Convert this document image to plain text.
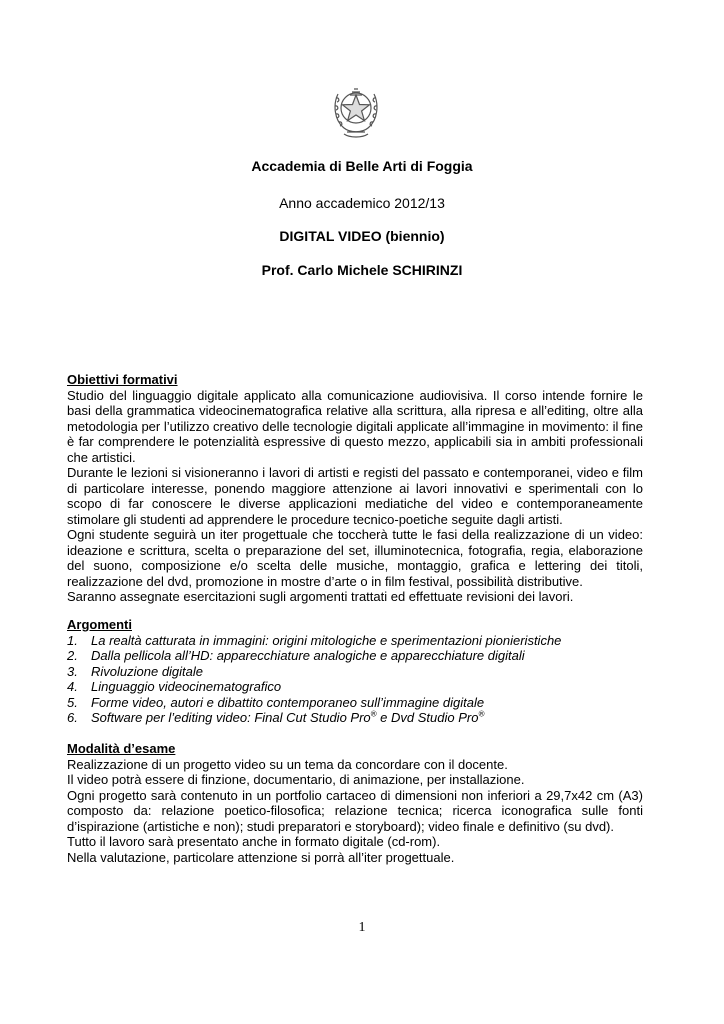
Accademia di Belle Arti di Foggia
Anno accademico 2012/13
DIGITAL VIDEO (biennio)
Prof. Carlo Michele SCHIRINZI
Obiettivi formativi

Studio del linguaggio digitale applicato alla comunicazione audiovisiva. Il corso intende fornire le basi della grammatica videocinematografica relative alla scrittura, alla ripresa e all’editing, oltre alla metodologia per l’utilizzo creativo delle tecnologie digitali applicate all’immagine in movimento: il fine è far comprendere le potenzialità espressive di questo mezzo, applicabili sia in ambiti professionali che artistici.

Durante le lezioni si visioneranno i lavori di artisti e registi del passato e contemporanei, video e film di particolare interesse, ponendo maggiore attenzione ai lavori innovativi e sperimentali con lo scopo di far conoscere le diverse applicazioni mediatiche del video e contemporaneamente stimolare gli studenti ad apprendere le procedure tecnico-poetiche seguite dagli artisti.

Ogni studente seguirà un iter progettuale che toccherà tutte le fasi della realizzazione di un video: ideazione e scrittura, scelta o preparazione del set, illuminotecnica, fotografia, regia, elaborazione del suono, composizione e/o scelta delle musiche, montaggio, grafica e lettering dei titoli, realizzazione del dvd, promozione in mostre d’arte o in film festival, possibilità distributive.

Saranno assegnate esercitazioni sugli argomenti trattati ed effettuate revisioni dei lavori.

Argomenti
1. La realtà catturata in immagini: origini mitologiche e sperimentazioni pionieristiche
2. Dalla pellicola all’HD: apparecchiature analogiche e apparecchiature digitali
3. Rivoluzione digitale
4. Linguaggio videocinematografico
5. Forme video, autori e dibattito contemporaneo sull’immagine digitale
6. Software per l’editing video: Final Cut Studio Pro® e Dvd Studio Pro®
Modalità d’esame

Realizzazione di un progetto video su un tema da concordare con il docente.

Il video potrà essere di finzione, documentario, di animazione, per installazione.

Ogni progetto sarà contenuto in un portfolio cartaceo di dimensioni non inferiori a 29,7x42 cm (A3) composto da: relazione poetico-filosofica; relazione tecnica; ricerca iconografica sulle fonti d’ispirazione (artistiche e non); studi preparatori e storyboard); video finale e definitivo (su dvd).

Tutto il lavoro sarà presentato anche in formato digitale (cd-rom).

Nella valutazione, particolare attenzione si porrà all’iter progettuale.

1
